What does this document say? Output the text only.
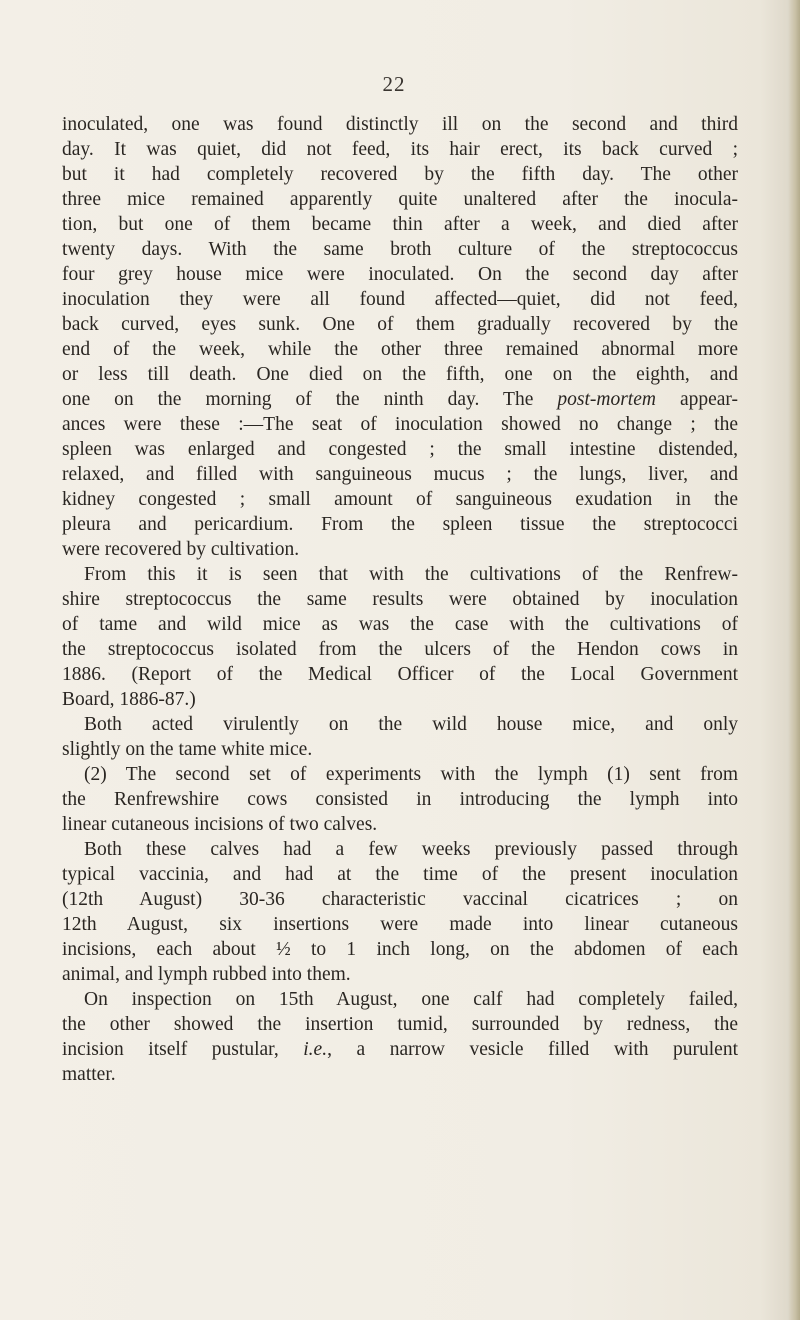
22
inoculated, one was found distinctly ill on the second and third
day. It was quiet, did not feed, its hair erect, its back curved ;
but it had completely recovered by the fifth day. The other
three mice remained apparently quite unaltered after the inocula-
tion, but one of them became thin after a week, and died after
twenty days. With the same broth culture of the streptococcus
four grey house mice were inoculated. On the second day after
inoculation they were all found affected—quiet, did not feed,
back curved, eyes sunk. One of them gradually recovered by the
end of the week, while the other three remained abnormal more
or less till death. One died on the fifth, one on the eighth, and
one on the morning of the ninth day. The post-mortem appear-
ances were these :—The seat of inoculation showed no change ; the
spleen was enlarged and congested ; the small intestine distended,
relaxed, and filled with sanguineous mucus ; the lungs, liver, and
kidney congested ; small amount of sanguineous exudation in the
pleura and pericardium. From the spleen tissue the streptococci
were recovered by cultivation.
From this it is seen that with the cultivations of the Renfrew-
shire streptococcus the same results were obtained by inoculation
of tame and wild mice as was the case with the cultivations of
the streptococcus isolated from the ulcers of the Hendon cows in
1886. (Report of the Medical Officer of the Local Government
Board, 1886-87.)
Both acted virulently on the wild house mice, and only
slightly on the tame white mice.
(2) The second set of experiments with the lymph (1) sent from
the Renfrewshire cows consisted in introducing the lymph into
linear cutaneous incisions of two calves.
Both these calves had a few weeks previously passed through
typical vaccinia, and had at the time of the present inoculation
(12th August) 30-36 characteristic vaccinal cicatrices ; on
12th August, six insertions were made into linear cutaneous
incisions, each about ½ to 1 inch long, on the abdomen of each
animal, and lymph rubbed into them.
On inspection on 15th August, one calf had completely failed,
the other showed the insertion tumid, surrounded by redness, the
incision itself pustular, i.e., a narrow vesicle filled with purulent
matter.
